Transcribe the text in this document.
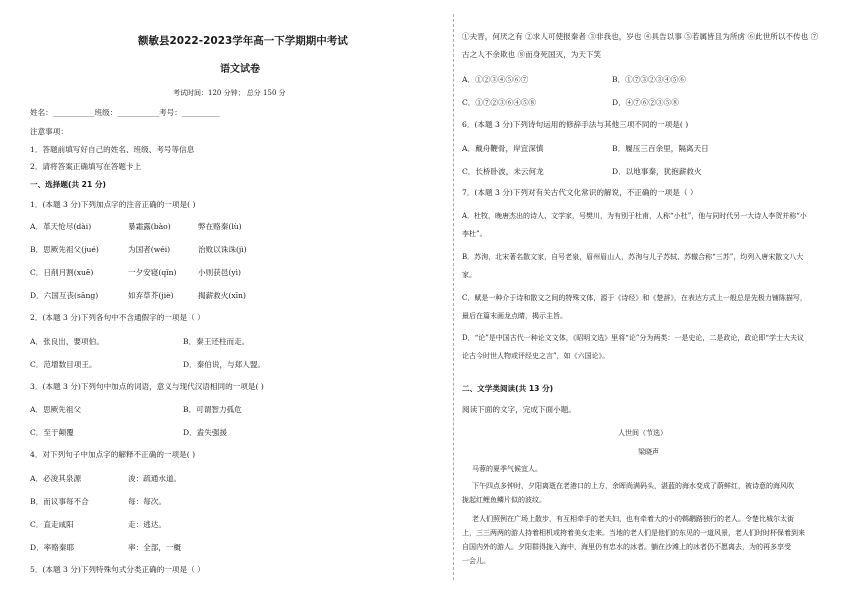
额敏县2022-2023学年高一下学期期中考试
语文试卷
考试时间：120 分钟； 总分 150 分
姓名：___________班级：___________考号：__________
注意事项：
1．答题前填写好自己的姓名、班级、考号等信息
2．请将答案正确填写在答题卡上
一、选择题(共 21 分)
1．(本题 3 分)下列加点字的注音正确的一项是( )
A．革天怆尽(dài)	暴霜露(bào)	弊在赂秦(lù)
B．思厥先祖父(jué)	为国者(wéi)	治败以诛诛(jì)
C．日削月割(xuē)	一夕安寝(qǐn)	小则获邑(yì)
D．六国互丧(sāng)	如弃草芥(jiè)	揭薪救火(xīn)
2．(本题 3 分)下列各句中不含通假字的一项是（ ）
A．张良出，要项伯。	B．秦王还柱而走。
C．范增数目项王。	D．秦伯说，与郑人盟。
3．(本题 3 分)下列句中加点的词语，意义与现代汉语相同的一项是( )
A．思厥先祖父	B．可谓智力孤危
C．至于颠覆	D．盍失强援
4．对下列句子中加点字的解释不正确的一项是( )
A．必浚其泉源	浚：疏通水道。
B．而议事每不合	每：每次。
C．直走咸阳	走：逃达。
D．率赂秦耶	率：全部，一概
5．(本题 3 分)下列特殊句式分类正确的一项是（ ）
①夫晋，何厌之有 ②求人可使报秦者 ③非我也，岁也 ④具告以事 ⑤若属皆且为所虏 ⑥此世所以不传也 ⑦
古之人不余欺也 ⑧而身死国灭，为天下笑
A．①②③④⑤⑥⑦	B．①⑦③②③④⑤⑥
C．①⑦②③⑥④⑤⑧	D．④⑦⑥②③⑤⑧
6．(本题 3 分)下列诗句运用的修辞手法与其他三项不同的一项是( )
A．戴舟鞭骨，岸宜深慎	B．履压三百余里，隔离天日
C．长桥卧波，未云何龙	D．以地事秦，犹抱薪救火
7．(本题 3 分)下列对有关古代文化常识的解说，不正确的一项是（ ）
A．杜牧，晚唐杰出的诗人、文学家，号樊川，为有别于杜甫，人称“小杜”，他与同时代另一大诗人李贺并称“小
李杜”。
B．苏洵，北宋著名散文家，自号老泉，眉州眉山人，苏洵与儿子苏轼、苏辙合称“三苏”，均列入唐宋散文八大
家。
C．赋是一种介于诗和散文之间的特殊文体，源于《诗经》和《楚辞》，在表达方式上一般总是先极力铺陈描写，
最后在篇末画龙点睛，揭示主旨。
D．“论”是中国古代一种论文文体，《昭明文选》里将“论”分为两类：一是史论，二是政论，政论即“学士大夫议
论古今时世人物或评经史之言”，如《六国论》。
二、文学类阅读(共 13 分)
阅读下面的文字，完成下面小题。
人世间（节选）
梁晓声
马蓉的夏季气候宜人。
下午四点多钟时，夕阳离逝在老港口的上方，余晖尚满码头，湛蓝的海水变成了蔚鲜红，被诗意的海风吹
拢起红鲤鱼鳞片似的波纹。
老人们照例在广场上散步，有互相牵手的老夫妇，也有牵着大的小的鹈鹕路独行的老人。令楚比城尔太街
上，三三两两的游人持着相机或挎着美女走来。当地的老人们是他们的东见的一道风景，老人们时时杯保着到来
自国内外的游人。夕阳群得拢入海中，海里仍有忠水的冰者。躺在沙滩上的冰者仍不愿离去，为的再多享受
一会儿。
